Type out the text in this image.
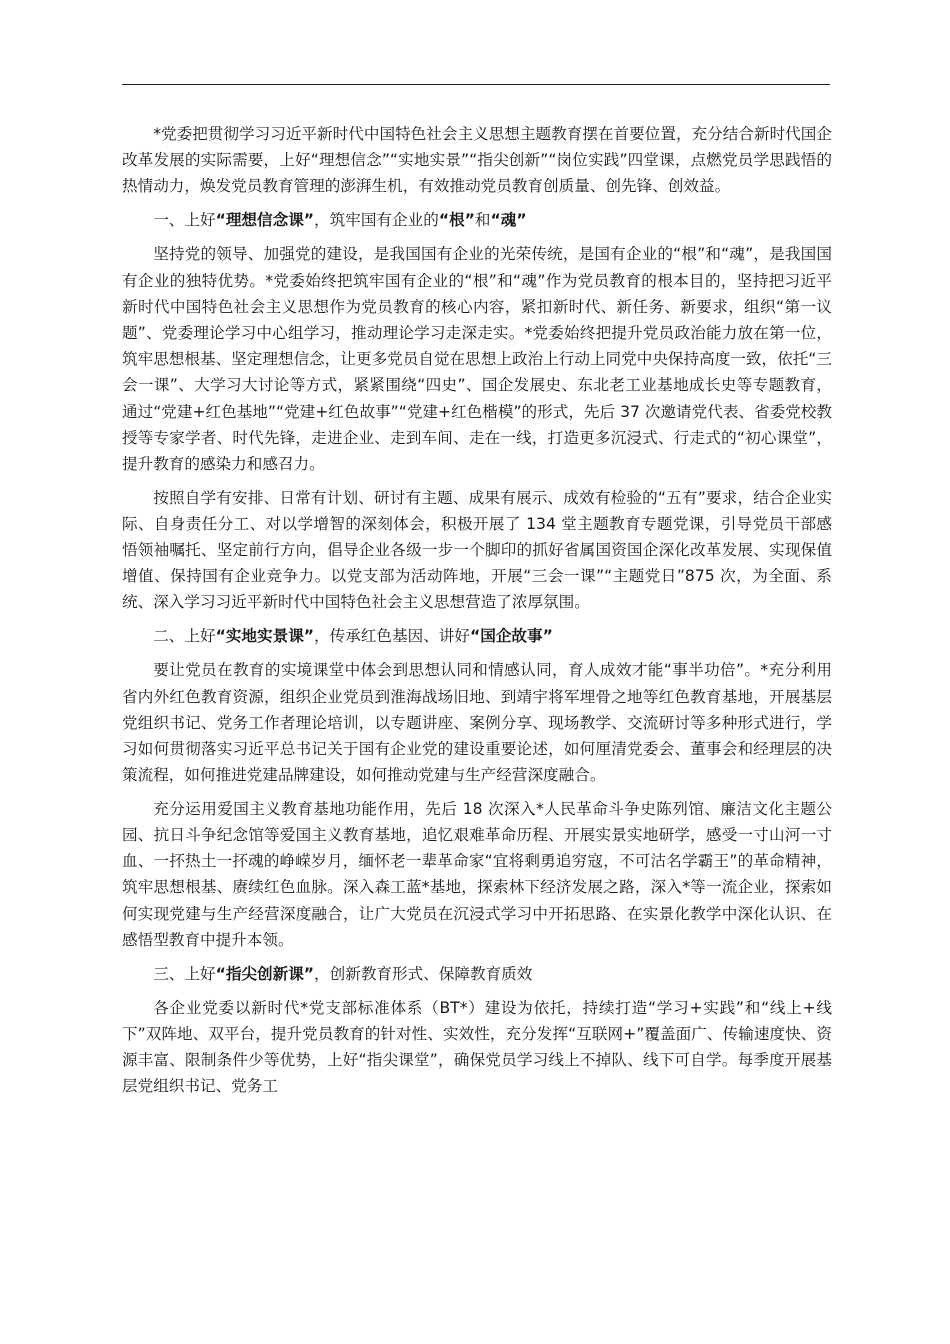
*党委把贯彻学习习近平新时代中国特色社会主义思想主题教育摆在首要位置，充分结合新时代国企改革发展的实际需要，上好“理想信念”“实地实景”“指尖创新”“岗位实践”四堂课，点燃党员学思践悟的热情动力，焕发党员教育管理的澎湃生机，有效推动党员教育创质量、创先锋、创效益。

一、上好“理想信念课”，筑牢国有企业的“根”和“魂”

坚持党的领导、加强党的建设，是我国国有企业的光荣传统，是国有企业的“根”和“魂”，是我国国有企业的独特优势。*党委始终把筑牢国有企业的“根”和“魂”作为党员教育的根本目的，坚持把习近平新时代中国特色社会主义思想作为党员教育的核心内容，紧扣新时代、新任务、新要求，组织“第一议题”、党委理论学习中心组学习，推动理论学习走深走实。*党委始终把提升党员政治能力放在第一位，筑牢思想根基、坚定理想信念，让更多党员自觉在思想上政治上行动上同党中央保持高度一致，依托“三会一课”、大学习大讨论等方式，紧紧围绕“四史”、国企发展史、东北老工业基地成长史等专题教育，通过“党建+红色基地”“党建+红色故事”“党建+红色楷模”的形式，先后 37 次邀请党代表、省委党校教授等专家学者、时代先锋，走进企业、走到车间、走在一线，打造更多沉浸式、行走式的“初心课堂”，提升教育的感染力和感召力。

按照自学有安排、日常有计划、研讨有主题、成果有展示、成效有检验的“五有”要求，结合企业实际、自身责任分工、对以学增智的深刻体会，积极开展了 134 堂主题教育专题党课，引导党员干部感悟领袖嘱托、坚定前行方向，倡导企业各级一步一个脚印的抓好省属国资国企深化改革发展、实现保值增值、保持国有企业竞争力。以党支部为活动阵地，开展“三会一课”“主题党日”875 次，为全面、系统、深入学习习近平新时代中国特色社会主义思想营造了浓厚氛围。

二、上好“实地实景课”，传承红色基因、讲好“国企故事”

要让党员在教育的实境课堂中体会到思想认同和情感认同，育人成效才能“事半功倍”。*充分利用省内外红色教育资源，组织企业党员到淮海战场旧地、到靖宇将军埋骨之地等红色教育基地，开展基层党组织书记、党务工作者理论培训，以专题讲座、案例分享、现场教学、交流研讨等多种形式进行，学习如何贯彻落实习近平总书记关于国有企业党的建设重要论述，如何厘清党委会、董事会和经理层的决策流程，如何推进党建品牌建设，如何推动党建与生产经营深度融合。

充分运用爱国主义教育基地功能作用，先后 18 次深入*人民革命斗争史陈列馆、廉洁文化主题公园、抗日斗争纪念馆等爱国主义教育基地，追忆艰难革命历程、开展实景实地研学，感受一寸山河一寸血、一抔热土一抔魂的峥嵘岁月，缅怀老一辈革命家“宜将剩勇追穷寇，不可沽名学霸王”的革命精神，筑牢思想根基、赓续红色血脉。深入森工蓝*基地，探索林下经济发展之路，深入*等一流企业，探索如何实现党建与生产经营深度融合，让广大党员在沉浸式学习中开拓思路、在实景化教学中深化认识、在感悟型教育中提升本领。

三、上好“指尖创新课”，创新教育形式、保障教育质效

各企业党委以新时代*党支部标准体系（BT*）建设为依托，持续打造“学习+实践”和“线上+线下”双阵地、双平台，提升党员教育的针对性、实效性，充分发挥“互联网+”覆盖面广、传输速度快、资源丰富、限制条件少等优势，上好“指尖课堂”，确保党员学习线上不掉队、线下可自学。每季度开展基层党组织书记、党务工
